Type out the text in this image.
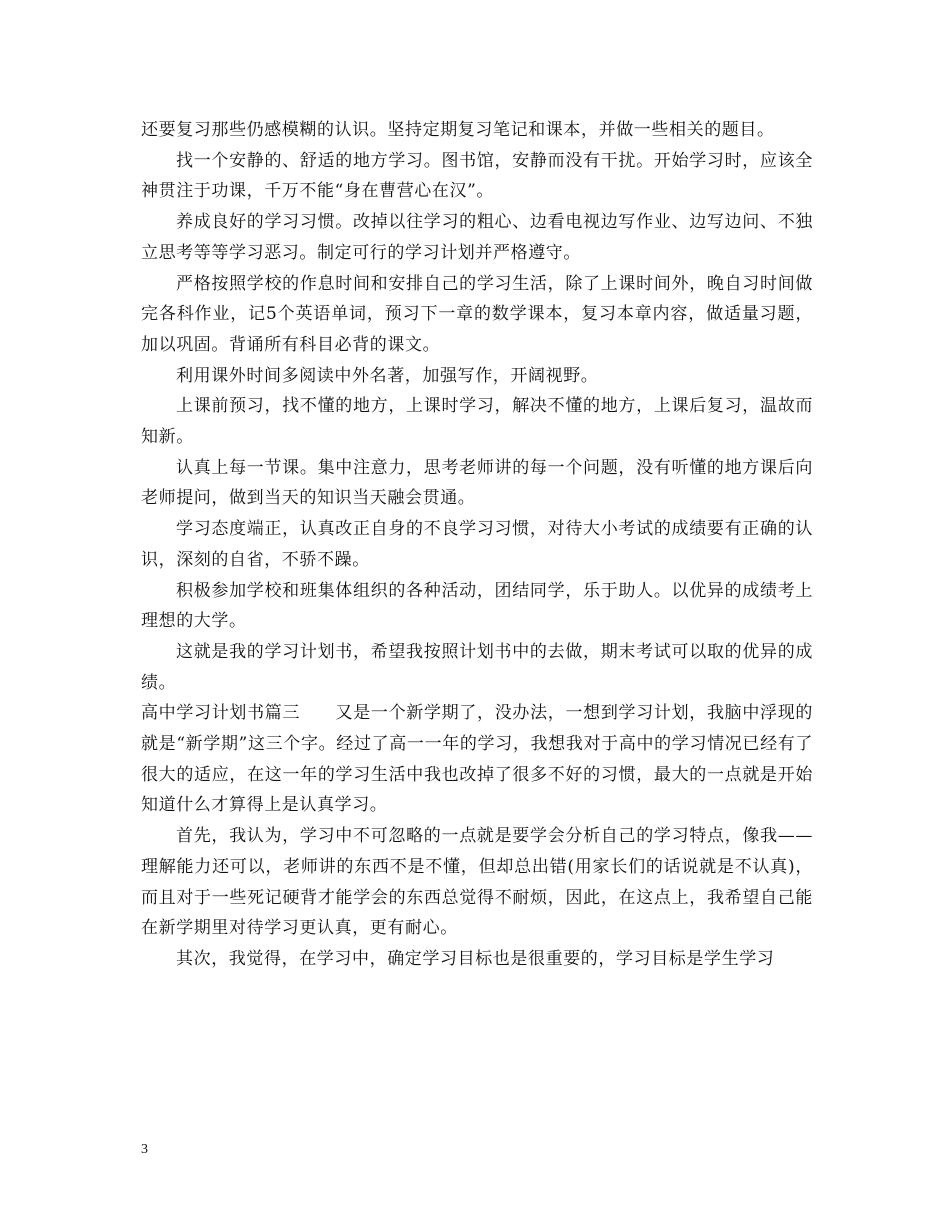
还要复习那些仍感模糊的认识。坚持定期复习笔记和课本，并做一些相关的题目。

找一个安静的、舒适的地方学习。图书馆，安静而没有干扰。开始学习时，应该全神贯注于功课，千万不能“身在曹营心在汉”。

养成良好的学习习惯。改掉以往学习的粗心、边看电视边写作业、边写边问、不独立思考等等学习恶习。制定可行的学习计划并严格遵守。

严格按照学校的作息时间和安排自己的学习生活，除了上课时间外，晚自习时间做完各科作业，记5个英语单词，预习下一章的数学课本，复习本章内容，做适量习题，加以巩固。背诵所有科目必背的课文。

利用课外时间多阅读中外名著，加强写作，开阔视野。

上课前预习，找不懂的地方，上课时学习，解决不懂的地方，上课后复习，温故而知新。

认真上每一节课。集中注意力，思考老师讲的每一个问题，没有听懂的地方课后向老师提问，做到当天的知识当天融会贯通。

学习态度端正，认真改正自身的不良学习习惯，对待大小考试的成绩要有正确的认识，深刻的自省，不骄不躁。

积极参加学校和班集体组织的各种活动，团结同学，乐于助人。以优异的成绩考上理想的大学。

这就是我的学习计划书，希望我按照计划书中的去做，期末考试可以取的优异的成绩。

高中学习计划书篇三　　又是一个新学期了，没办法，一想到学习计划，我脑中浮现的就是“新学期”这三个字。经过了高一一年的学习，我想我对于高中的学习情况已经有了很大的适应，在这一年的学习生活中我也改掉了很多不好的习惯，最大的一点就是开始知道什么才算得上是认真学习。

首先，我认为，学习中不可忽略的一点就是要学会分析自己的学习特点，像我——理解能力还可以，老师讲的东西不是不懂，但却总出错(用家长们的话说就是不认真)，而且对于一些死记硬背才能学会的东西总觉得不耐烦，因此，在这点上，我希望自己能在新学期里对待学习更认真，更有耐心。

其次，我觉得，在学习中，确定学习目标也是很重要的，学习目标是学生学习

3
